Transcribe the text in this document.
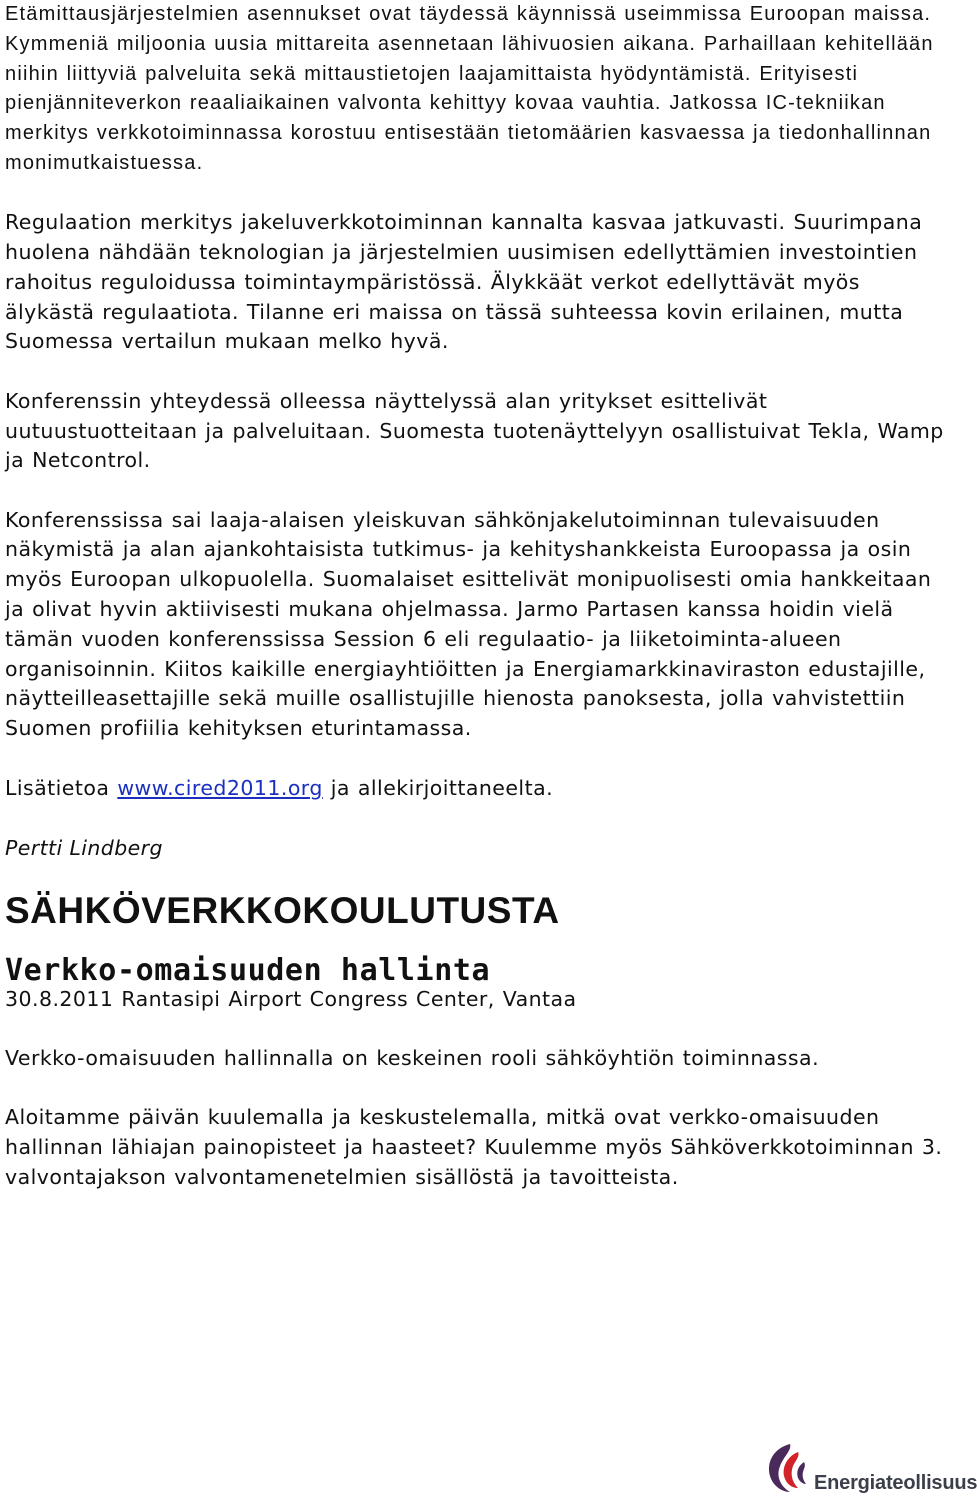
Etämittausjärjestelmien asennukset ovat täydessä käynnissä useimmissa Euroopan maissa. Kymmeniä miljoonia uusia mittareita asennetaan lähivuosien aikana. Parhaillaan kehitellään niihin liittyviä palveluita sekä mittaustietojen laajamittaista hyödyntämistä. Erityisesti pienjänniteverkon reaaliaikainen valvonta kehittyy kovaa vauhtia. Jatkossa IC-tekniikan merkitys verkkotoiminnassa korostuu entisestään tietomäärien kasvaessa ja tiedonhallinnan monimutkaistuessa.

Regulaation merkitys jakeluverkkotoiminnan kannalta kasvaa jatkuvasti. Suurimpana huolena nähdään teknologian ja järjestelmien uusimisen edellyttämien investointien rahoitus reguloidussa toimintaympäristössä. Älykkäät verkot edellyttävät myös älykästä regulaatiota. Tilanne eri maissa on tässä suhteessa kovin erilainen, mutta Suomessa vertailun mukaan melko hyvä.

Konferenssin yhteydessä olleessa näyttelyssä alan yritykset esittelivät uutuustuotteitaan ja palveluitaan. Suomesta tuotenäyttelyyn osallistuivat Tekla, Wamp ja Netcontrol.

Konferenssissa sai laaja-alaisen yleiskuvan sähkönjakelutoiminnan tulevaisuuden näkymistä ja alan ajankohtaisista tutkimus- ja kehityshankkeista Euroopassa ja osin myös Euroopan ulkopuolella. Suomalaiset esittelivät monipuolisesti omia hankkeitaan ja olivat hyvin aktiivisesti mukana ohjelmassa. Jarmo Partasen kanssa hoidin vielä tämän vuoden konferenssissa Session 6 eli regulaatio- ja liiketoiminta-alueen organisoinnin. Kiitos kaikille energiayhtiöitten ja Energiamarkkinaviraston edustajille, näytteilleasettajille sekä muille osallistujille hienosta panoksesta, jolla vahvistettiin Suomen profiilia kehityksen eturintamassa.

Lisätietoa www.cired2011.org ja allekirjoittaneelta.

Pertti Lindberg

SÄHKÖVERKKOKOULUTUSTA
Verkko-omaisuuden hallinta

30.8.2011 Rantasipi Airport Congress Center, Vantaa

Verkko-omaisuuden hallinnalla on keskeinen rooli sähköyhtiön toiminnassa.

Aloitamme päivän kuulemalla ja keskustelemalla, mitkä ovat verkko-omaisuuden hallinnan lähiajan painopisteet ja haasteet? Kuulemme myös Sähköverkkotoiminnan 3. valvontajakson valvontamenetelmien sisällöstä ja tavoitteista.

Energiateollisuus
